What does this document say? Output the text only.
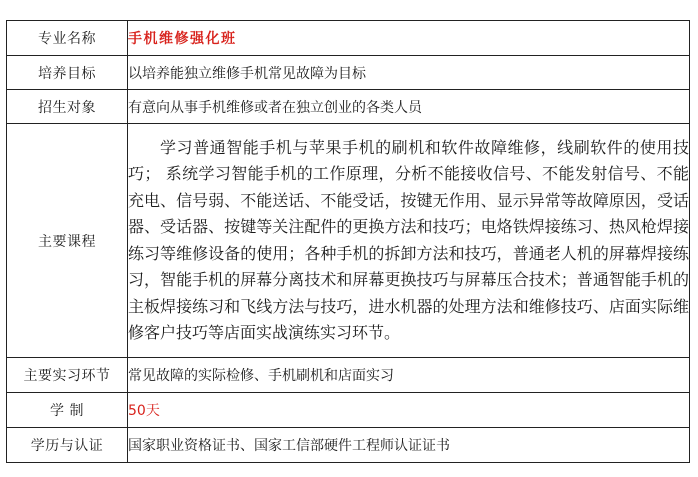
专业名称	手机维修强化班
培养目标	以培养能独立维修手机常见故障为目标
招生对象	有意向从事手机维修或者在独立创业的各类人员
主要课程	学习普通智能手机与苹果手机的刷机和软件故障维修，线刷软件的使用技巧； 系统学习智能手机的工作原理，分析不能接收信号、不能发射信号、不能充电、信号弱、不能送话、不能受话，按键无作用、显示异常等故障原因，受话器、受话器、按键等关注配件的更换方法和技巧；电烙铁焊接练习、热风枪焊接练习等维修设备的使用；各种手机的拆卸方法和技巧，普通老人机的屏幕焊接练习，智能手机的屏幕分离技术和屏幕更换技巧与屏幕压合技术；普通智能手机的主板焊接练习和飞线方法与技巧，进水机器的处理方法和维修技巧、店面实际维修客户技巧等店面实战演练实习环节。
主要实习环节	常见故障的实际检修、手机刷机和店面实习
学 制	50天
学历与认证	国家职业资格证书、国家工信部硬件工程师认证证书
